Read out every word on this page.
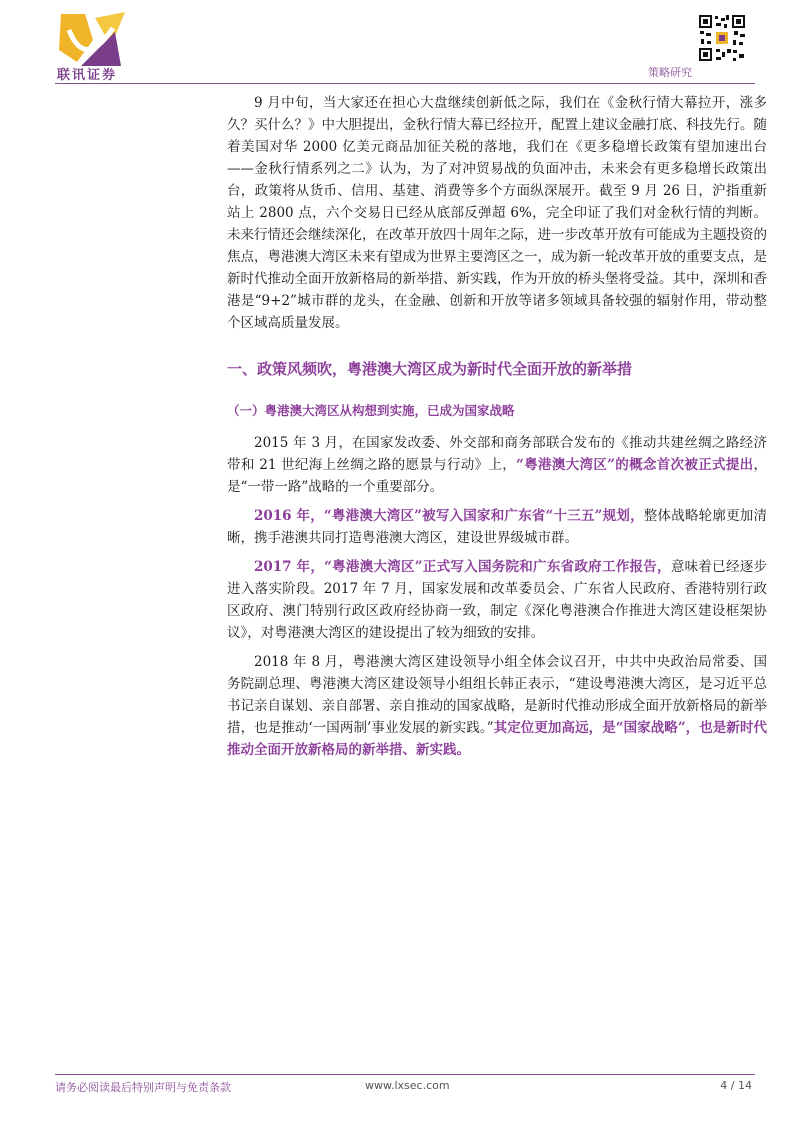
联讯证券	策略研究

9 月中旬，当大家还在担心大盘继续创新低之际，我们在《金秋行情大幕拉开，涨多久？买什么？》中大胆提出，金秋行情大幕已经拉开，配置上建议金融打底、科技先行。随着美国对华 2000 亿美元商品加征关税的落地，我们在《更多稳增长政策有望加速出台——金秋行情系列之二》认为，为了对冲贸易战的负面冲击，未来会有更多稳增长政策出台，政策将从货币、信用、基建、消费等多个方面纵深展开。截至 9 月 26 日，沪指重新站上 2800 点，六个交易日已经从底部反弹超 6%，完全印证了我们对金秋行情的判断。未来行情还会继续深化，在改革开放四十周年之际，进一步改革开放有可能成为主题投资的焦点，粤港澳大湾区未来有望成为世界主要湾区之一，成为新一轮改革开放的重要支点，是新时代推动全面开放新格局的新举措、新实践，作为开放的桥头堡将受益。其中，深圳和香港是“9+2”城市群的龙头，在金融、创新和开放等诸多领域具备较强的辐射作用，带动整个区域高质量发展。

一、政策风频吹，粤港澳大湾区成为新时代全面开放的新举措
（一）粤港澳大湾区从构想到实施，已成为国家战略

2015 年 3 月，在国家发改委、外交部和商务部联合发布的《推动共建丝绸之路经济带和 21 世纪海上丝绸之路的愿景与行动》上，“粤港澳大湾区”的概念首次被正式提出，是“一带一路”战略的一个重要部分。

2016 年，“粤港澳大湾区”被写入国家和广东省“十三五”规划，整体战略轮廓更加清晰，携手港澳共同打造粤港澳大湾区，建设世界级城市群。

2017 年，“粤港澳大湾区”正式写入国务院和广东省政府工作报告，意味着已经逐步进入落实阶段。2017 年 7 月，国家发展和改革委员会、广东省人民政府、香港特别行政区政府、澳门特别行政区政府经协商一致，制定《深化粤港澳合作推进大湾区建设框架协议》，对粤港澳大湾区的建设提出了较为细致的安排。

2018 年 8 月，粤港澳大湾区建设领导小组全体会议召开，中共中央政治局常委、国务院副总理、粤港澳大湾区建设领导小组组长韩正表示，“建设粤港澳大湾区，是习近平总书记亲自谋划、亲自部署、亲自推动的国家战略，是新时代推动形成全面开放新格局的新举措，也是推动‘一国两制’事业发展的新实践。”其定位更加高远，是“国家战略”，也是新时代推动全面开放新格局的新举措、新实践。

请务必阅读最后特别声明与免责条款	www.lxsec.com	4 / 14
